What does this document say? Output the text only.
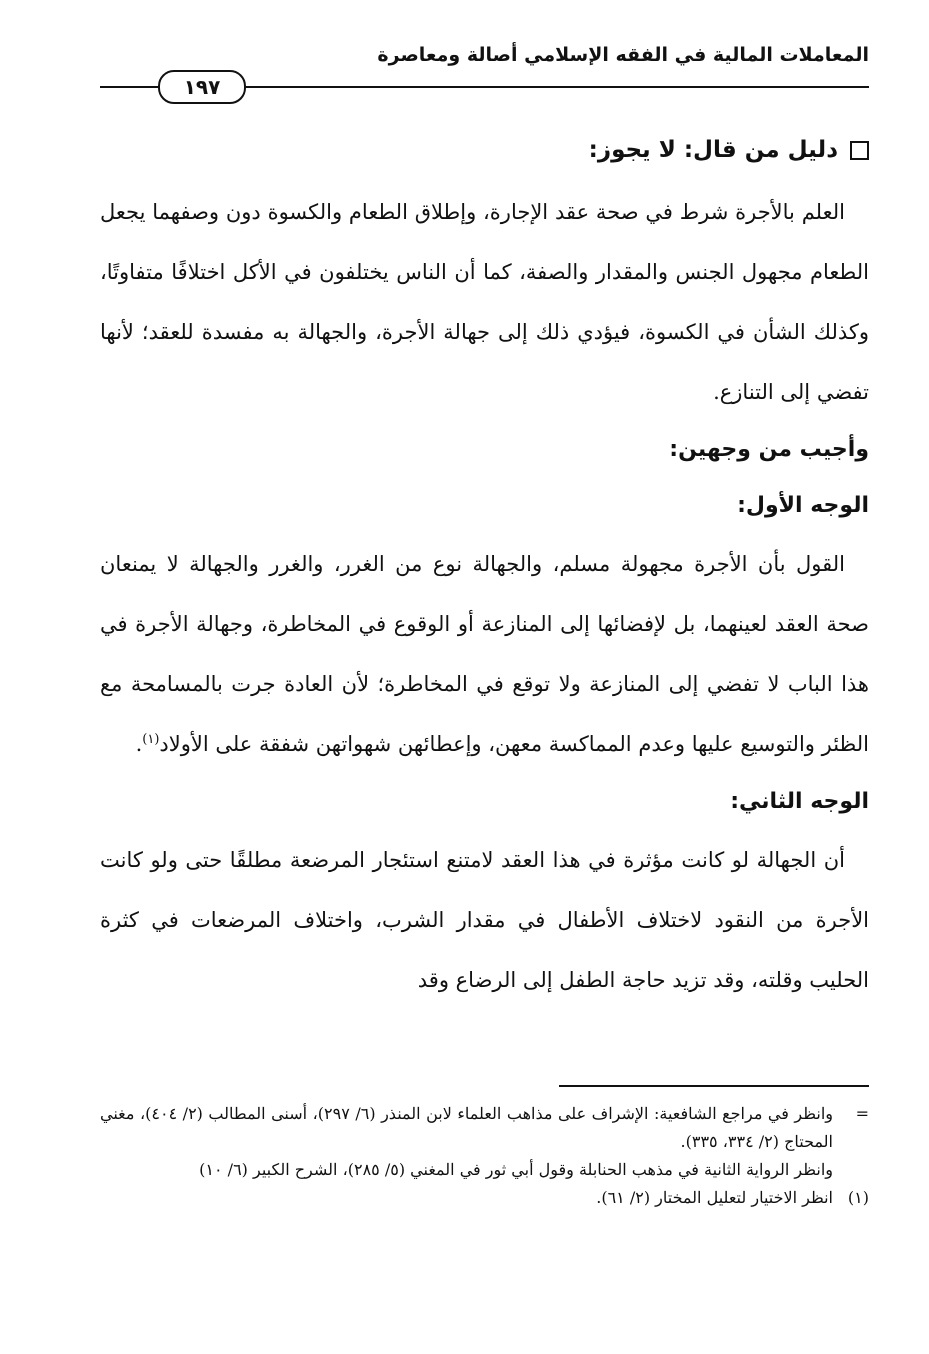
المعاملات المالية في الفقه الإسلامي أصالة ومعاصرة
١٩٧
دليل من قال: لا يجوز:

العلم بالأجرة شرط في صحة عقد الإجارة، وإطلاق الطعام والكسوة دون وصفهما يجعل الطعام مجهول الجنس والمقدار والصفة، كما أن الناس يختلفون في الأكل اختلافًا متفاوتًا، وكذلك الشأن في الكسوة، فيؤدي ذلك إلى جهالة الأجرة، والجهالة به مفسدة للعقد؛ لأنها تفضي إلى التنازع.

وأجيب من وجهين:
الوجه الأول:

القول بأن الأجرة مجهولة مسلم، والجهالة نوع من الغرر، والغرر والجهالة لا يمنعان صحة العقد لعينهما، بل لإفضائها إلى المنازعة أو الوقوع في المخاطرة، وجهالة الأجرة في هذا الباب لا تفضي إلى المنازعة ولا توقع في المخاطرة؛ لأن العادة جرت بالمسامحة مع الظئر والتوسيع عليها وعدم المماكسة معهن، وإعطائهن شهواتهن شفقة على الأولاد$^{(١)}$.

الوجه الثاني:

أن الجهالة لو كانت مؤثرة في هذا العقد لامتنع استئجار المرضعة مطلقًا حتى ولو كانت الأجرة من النقود لاختلاف الأطفال في مقدار الشرب، واختلاف المرضعات في كثرة الحليب وقلته، وقد تزيد حاجة الطفل إلى الرضاع وقد

=
وانظر في مراجع الشافعية: الإشراف على مذاهب العلماء لابن المنذر (٦/ ٢٩٧)، أسنى المطالب (٢/ ٤٠٤)، مغني المحتاج (٢/ ٣٣٤، ٣٣٥).
وانظر الرواية الثانية في مذهب الحنابلة وقول أبي ثور في المغني (٥/ ٢٨٥)، الشرح الكبير (٦/ ١٠)
(١)
انظر الاختيار لتعليل المختار (٢/ ٦١).
